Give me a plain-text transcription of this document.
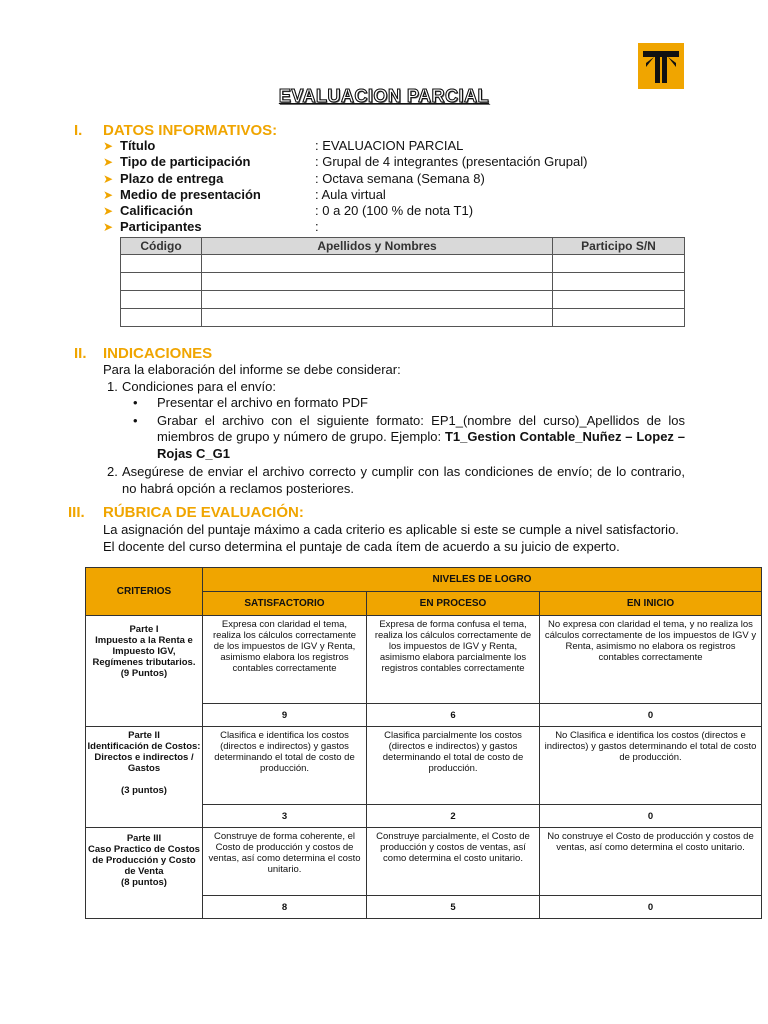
EVALUACION PARCIAL
I. DATOS INFORMATIVOS:
➤ Título	: EVALUACION PARCIAL
➤ Tipo de participación	: Grupal de 4 integrantes (presentación Grupal)
➤ Plazo de entrega	: Octava semana (Semana 8)
➤ Medio de presentación	: Aula virtual
➤ Calificación	: 0 a 20 (100 % de nota T1)
➤ Participantes	:
Código	Apellidos y Nombres	Participo S/N

II. INDICACIONES
Para la elaboración del informe se debe considerar:
1. Condiciones para el envío:
• Presentar el archivo en formato PDF
• Grabar el archivo con el siguiente formato: EP1_(nombre del curso)_Apellidos de los miembros de grupo y número de grupo. Ejemplo: T1_Gestion Contable_Nuñez – Lopez – Rojas C_G1
2. Asegúrese de enviar el archivo correcto y cumplir con las condiciones de envío; de lo contrario, no habrá opción a reclamos posteriores.
III. RÚBRICA DE EVALUACIÓN:
La asignación del puntaje máximo a cada criterio es aplicable si este se cumple a nivel satisfactorio. El docente del curso determina el puntaje de cada ítem de acuerdo a su juicio de experto.
CRITERIOS	NIVELES DE LOGRO		
	SATISFACTORIO	EN PROCESO	EN INICIO
Parte I
Impuesto a la Renta e Impuesto IGV, Regímenes tributarios.
(9 Puntos)	Expresa con claridad el tema, realiza los cálculos correctamente de los impuestos de IGV y Renta, asimismo elabora los registros contables correctamente	Expresa de forma confusa el tema, realiza los cálculos correctamente de los impuestos de IGV y Renta, asimismo elabora parcialmente los registros contables correctamente	No expresa con claridad el tema, y no realiza los cálculos correctamente de los impuestos de IGV y Renta, asimismo no elabora os registros contables correctamente
	9	6	0
Parte II
Identificación de Costos: Directos e indirectos / Gastos

(3 puntos)	Clasifica e identifica los costos (directos e indirectos) y gastos determinando el total de costo de producción.	Clasifica parcialmente los costos (directos e indirectos) y gastos determinando el total de costo de producción.	No Clasifica e identifica los costos (directos e indirectos) y gastos determinando el total de costo de producción.
	3	2	0
Parte III
Caso Practico de Costos de Producción y Costo de Venta
(8 puntos)	Construye de forma coherente, el Costo de producción y costos de ventas, así como determina el costo unitario.	Construye parcialmente, el Costo de producción y costos de ventas, así como determina el costo unitario.	No construye el Costo de producción y costos de ventas, así como determina el costo unitario.
	8	5	0
